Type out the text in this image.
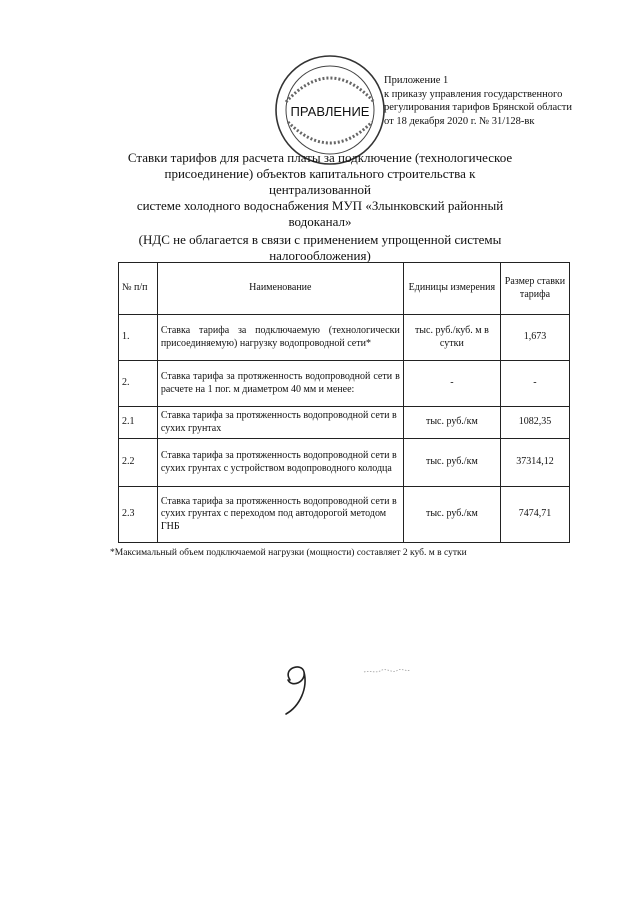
ПРАВЛЕНИЕ
Приложение 1
к приказу управления государственного
регулирования тарифов Брянской области
от 18 декабря 2020 г. № 31/128-вк
Ставки тарифов для расчета платы за подключение (технологическое
присоединение) объектов капитального строительства к централизованной
системе холодного водоснабжения МУП «Злынковский районный
водоканал»
(НДС не облагается в связи с применением упрощенной системы
налогообложения)
№ п/п	Наименование	Единицы измерения	Размер ставки тарифа
1.	Ставка тарифа за подключаемую (технологически присоединяемую) нагрузку водопроводной сети*	тыс. руб./куб. м в сутки	1,673
2.	Ставка тарифа за протяженность водопроводной сети в расчете на 1 пог. м диаметром 40 мм и менее:	-	-
2.1	Ставка тарифа за протяженность водопроводной сети в сухих грунтах	тыс. руб./км	1082,35
2.2	Ставка тарифа за протяженность водопроводной сети в сухих грунтах с устройством водопроводного колодца	тыс. руб./км	37314,12
2.3	Ставка тарифа за протяженность водопроводной сети в сухих грунтах с переходом под автодорогой методом ГНБ	тыс. руб./км	7474,71
*Максимальный объем подключаемой нагрузки (мощности) составляет 2 куб. м в сутки
